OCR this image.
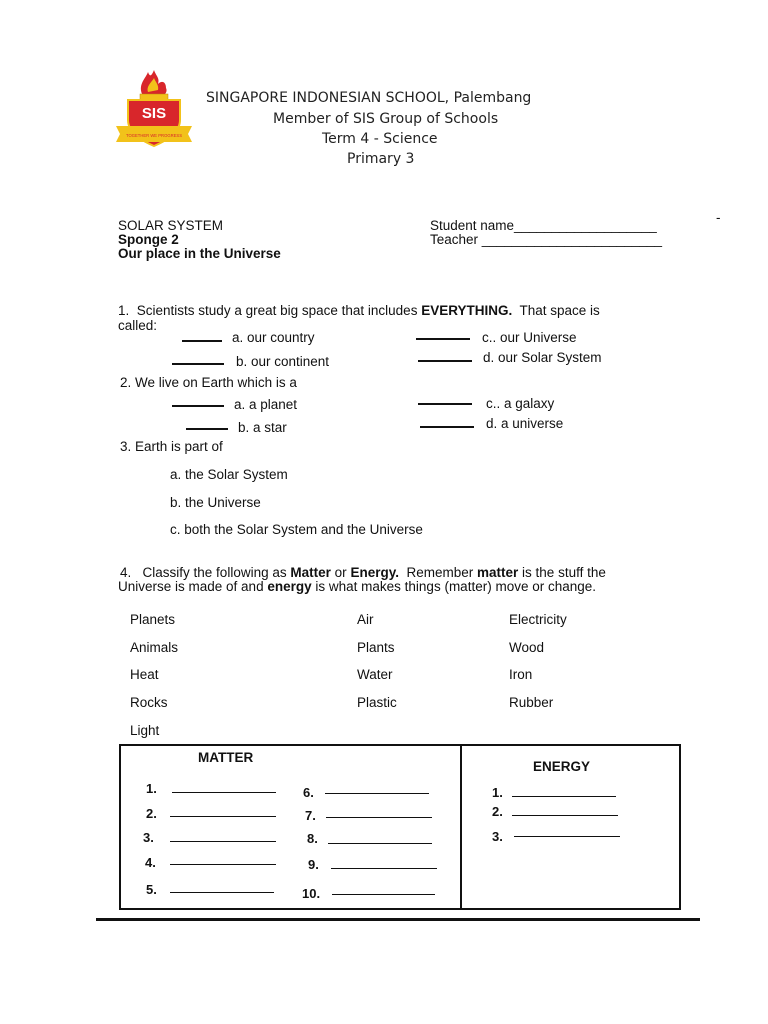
SIS
TOGETHER WE PROGRESS
SINGAPORE INDONESIAN SCHOOL, Palembang
Member of SIS Group of Schools
Term 4 - Science
Primary 3
SOLAR SYSTEM
Sponge 2
Our place in the Universe
Student name___________________
Teacher ________________________
-
1. Scientists study a great big space that includes EVERYTHING. That space is
called:
a. our country
b. our continent
c.. our Universe
d. our Solar System
2. We live on Earth which is a
a. a planet
b. a star
c.. a galaxy
d. a universe
3. Earth is part of
a. the Solar System
b. the Universe
c. both the Solar System and the Universe
4. Classify the following as Matter or Energy. Remember matter is the stuff the
Universe is made of and energy is what makes things (matter) move or change.
Planets
Animals
Heat
Rocks
Light
Air
Plants
Water
Plastic
Electricity
Wood
Iron
Rubber
MATTER
ENERGY
1.
2.
3.
4.
5.
6.
7.
8.
9.
10.
1.
2.
3.
